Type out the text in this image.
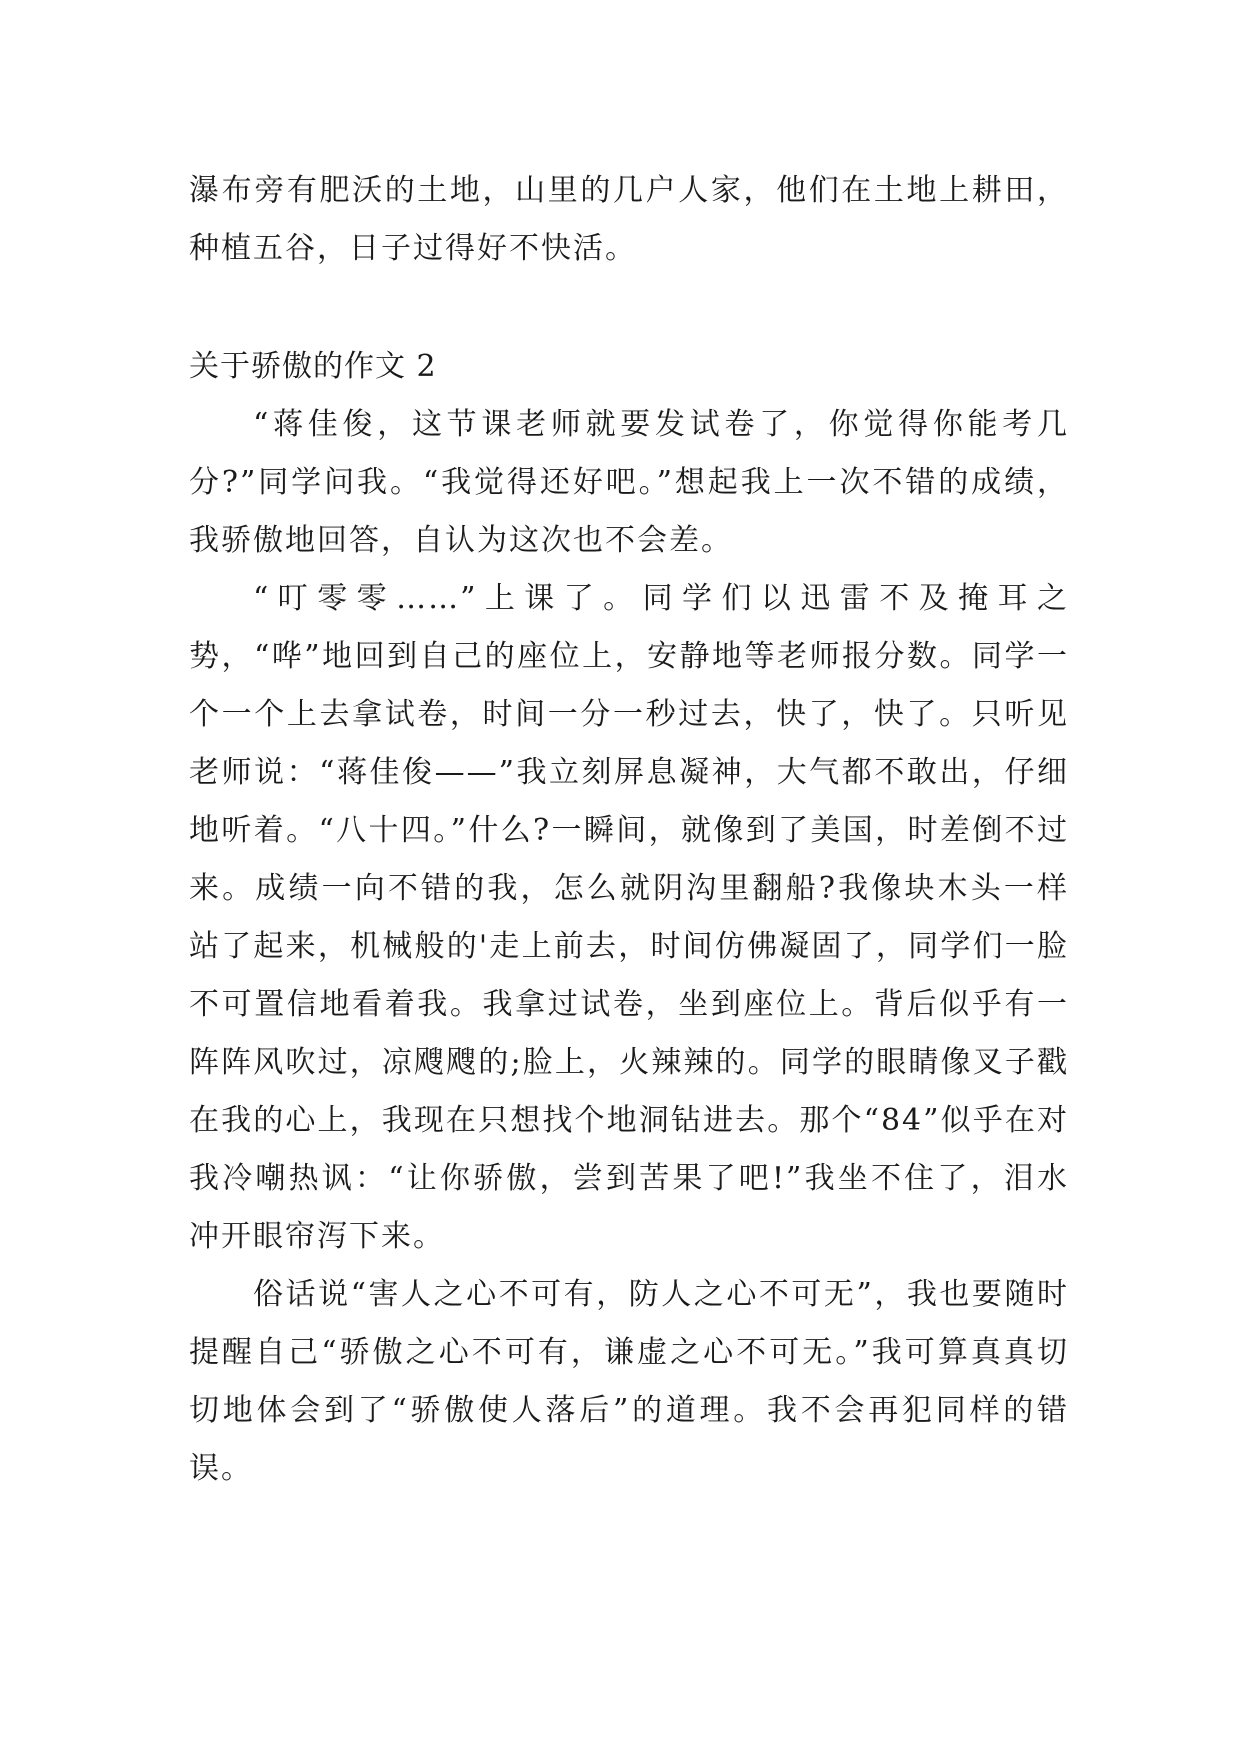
瀑布旁有肥沃的土地，山里的几户人家，他们在土地上耕田，种植五谷，日子过得好不快活。

关于骄傲的作文 2

“蒋佳俊，这节课老师就要发试卷了，你觉得你能考几分?”同学问我。“我觉得还好吧。”想起我上一次不错的成绩，我骄傲地回答，自认为这次也不会差。

“叮零零……”上课了。同学们以迅雷不及掩耳之势，“哗”地回到自己的座位上，安静地等老师报分数。同学一个一个上去拿试卷，时间一分一秒过去，快了，快了。只听见老师说：“蒋佳俊——”我立刻屏息凝神，大气都不敢出，仔细地听着。“八十四。”什么?一瞬间，就像到了美国，时差倒不过来。成绩一向不错的我，怎么就阴沟里翻船?我像块木头一样站了起来，机械般的'走上前去，时间仿佛凝固了，同学们一脸不可置信地看着我。我拿过试卷，坐到座位上。背后似乎有一阵阵风吹过，凉飕飕的;脸上，火辣辣的。同学的眼睛像叉子戳在我的心上，我现在只想找个地洞钻进去。那个“84”似乎在对我冷嘲热讽：“让你骄傲，尝到苦果了吧!”我坐不住了，泪水冲开眼帘泻下来。

俗话说“害人之心不可有，防人之心不可无”，我也要随时提醒自己“骄傲之心不可有，谦虚之心不可无。”我可算真真切切地体会到了“骄傲使人落后”的道理。我不会再犯同样的错误。
